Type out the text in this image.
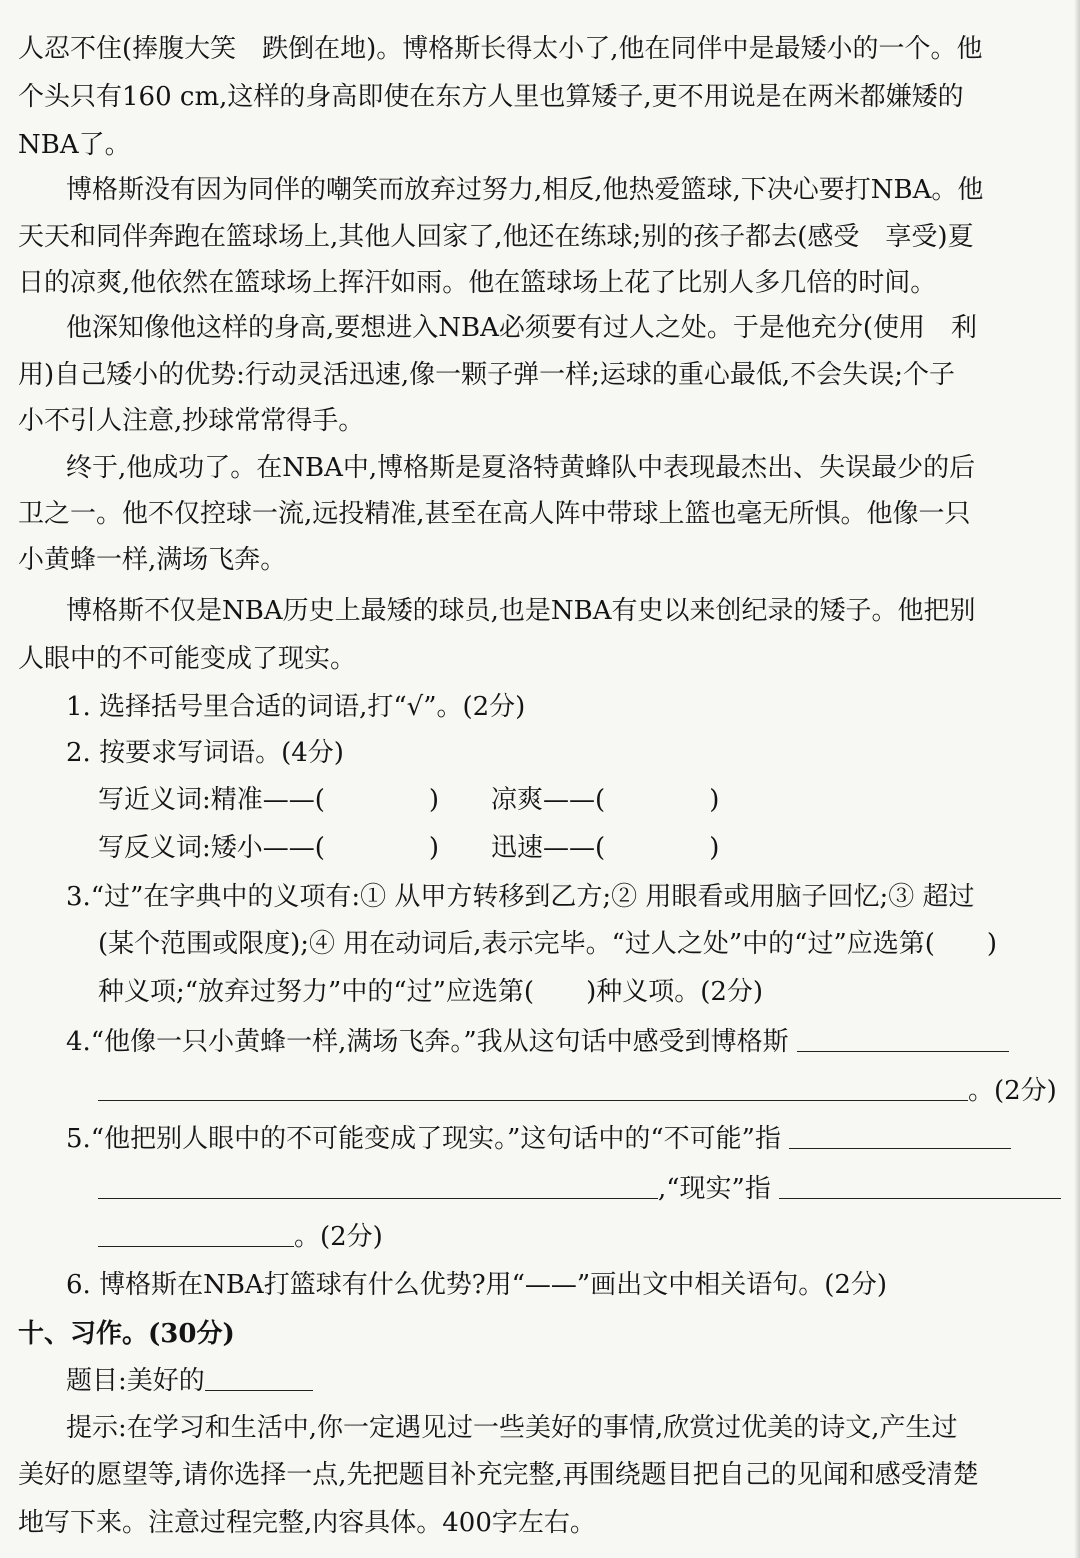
人忍不住(捧腹大笑　跌倒在地)。博格斯长得太小了,他在同伴中是最矮小的一个。他
个头只有160 cm,这样的身高即使在东方人里也算矮子,更不用说是在两米都嫌矮的
NBA了。
博格斯没有因为同伴的嘲笑而放弃过努力,相反,他热爱篮球,下决心要打NBA。他
天天和同伴奔跑在篮球场上,其他人回家了,他还在练球;别的孩子都去(感受　享受)夏
日的凉爽,他依然在篮球场上挥汗如雨。他在篮球场上花了比别人多几倍的时间。
他深知像他这样的身高,要想进入NBA必须要有过人之处。于是他充分(使用　利
用)自己矮小的优势:行动灵活迅速,像一颗子弹一样;运球的重心最低,不会失误;个子
小不引人注意,抄球常常得手。
终于,他成功了。在NBA中,博格斯是夏洛特黄蜂队中表现最杰出、失误最少的后
卫之一。他不仅控球一流,远投精准,甚至在高人阵中带球上篮也毫无所惧。他像一只
小黄蜂一样,满场飞奔。
博格斯不仅是NBA历史上最矮的球员,也是NBA有史以来创纪录的矮子。他把别
人眼中的不可能变成了现实。
1. 选择括号里合适的词语,打“√”。(2分)
2. 按要求写词语。(4分)
写近义词:精准——(　　　　)　　凉爽——(　　　　)
写反义词:矮小——(　　　　)　　迅速——(　　　　)
3.“过”在字典中的义项有:① 从甲方转移到乙方;② 用眼看或用脑子回忆;③ 超过
(某个范围或限度);④ 用在动词后,表示完毕。“过人之处”中的“过”应选第(　　)
种义项;“放弃过努力”中的“过”应选第(　　)种义项。(2分)
4.“他像一只小黄蜂一样,满场飞奔。”我从这句话中感受到博格斯
。(2分)
5.“他把别人眼中的不可能变成了现实。”这句话中的“不可能”指
,“现实”指
。(2分)
6. 博格斯在NBA打篮球有什么优势?用“——”画出文中相关语句。(2分)
十、习作。(30分)
题目:美好的
提示:在学习和生活中,你一定遇见过一些美好的事情,欣赏过优美的诗文,产生过
美好的愿望等,请你选择一点,先把题目补充完整,再围绕题目把自己的见闻和感受清楚
地写下来。注意过程完整,内容具体。400字左右。
